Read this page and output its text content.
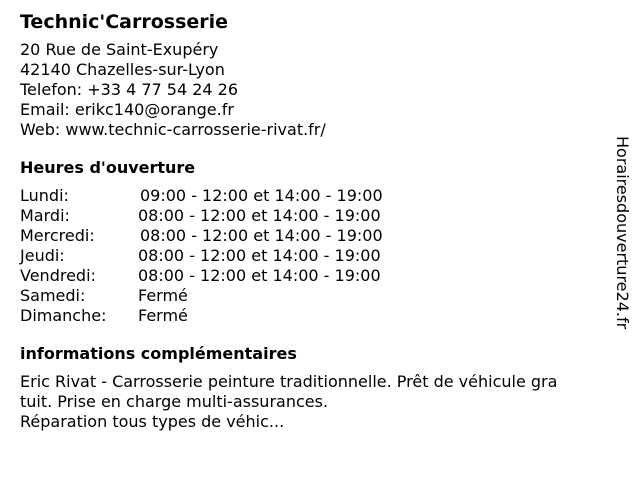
Technic'Carrosserie
20 Rue de Saint-Exupéry
42140 Chazelles-sur-Lyon
Telefon: +33 4 77 54 24 26
Email: erikc140@orange.fr
Web: www.technic-carrosserie-rivat.fr/
Heures d'ouverture
Lundi:	09:00 - 12:00 et 14:00 - 19:00
Mardi:	08:00 - 12:00 et 14:00 - 19:00
Mercredi:	08:00 - 12:00 et 14:00 - 19:00
Jeudi:	08:00 - 12:00 et 14:00 - 19:00
Vendredi:	08:00 - 12:00 et 14:00 - 19:00
Samedi:	Fermé
Dimanche:	Fermé
informations complémentaires
Eric Rivat - Carrosserie peinture traditionnelle. Prêt de véhicule gra
tuit. Prise en charge multi-assurances.
Réparation tous types de véhic...
Horairesdouverture24.fr
